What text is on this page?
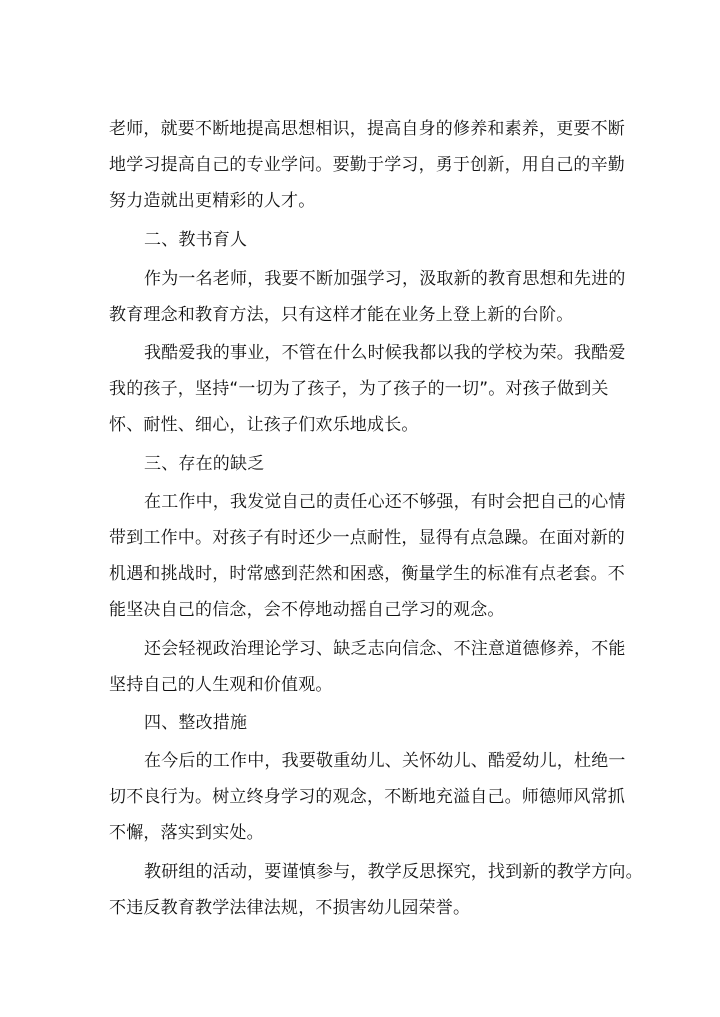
老师，就要不断地提高思想相识，提高自身的修养和素养，更要不断
地学习提高自己的专业学问。要勤于学习，勇于创新，用自己的辛勤
努力造就出更精彩的人才。
二、教书育人
作为一名老师，我要不断加强学习，汲取新的教育思想和先进的
教育理念和教育方法，只有这样才能在业务上登上新的台阶。
我酷爱我的事业，不管在什么时候我都以我的学校为荣。我酷爱
我的孩子，坚持“一切为了孩子，为了孩子的一切”。对孩子做到关
怀、耐性、细心，让孩子们欢乐地成长。
三、存在的缺乏
在工作中，我发觉自己的责任心还不够强，有时会把自己的心情
带到工作中。对孩子有时还少一点耐性，显得有点急躁。在面对新的
机遇和挑战时，时常感到茫然和困惑，衡量学生的标准有点老套。不
能坚决自己的信念，会不停地动摇自己学习的观念。
还会轻视政治理论学习、缺乏志向信念、不注意道德修养，不能
坚持自己的人生观和价值观。
四、整改措施
在今后的工作中，我要敬重幼儿、关怀幼儿、酷爱幼儿，杜绝一
切不良行为。树立终身学习的观念，不断地充溢自己。师德师风常抓
不懈，落实到实处。
教研组的活动，要谨慎参与，教学反思探究，找到新的教学方向。
不违反教育教学法律法规，不损害幼儿园荣誉。
